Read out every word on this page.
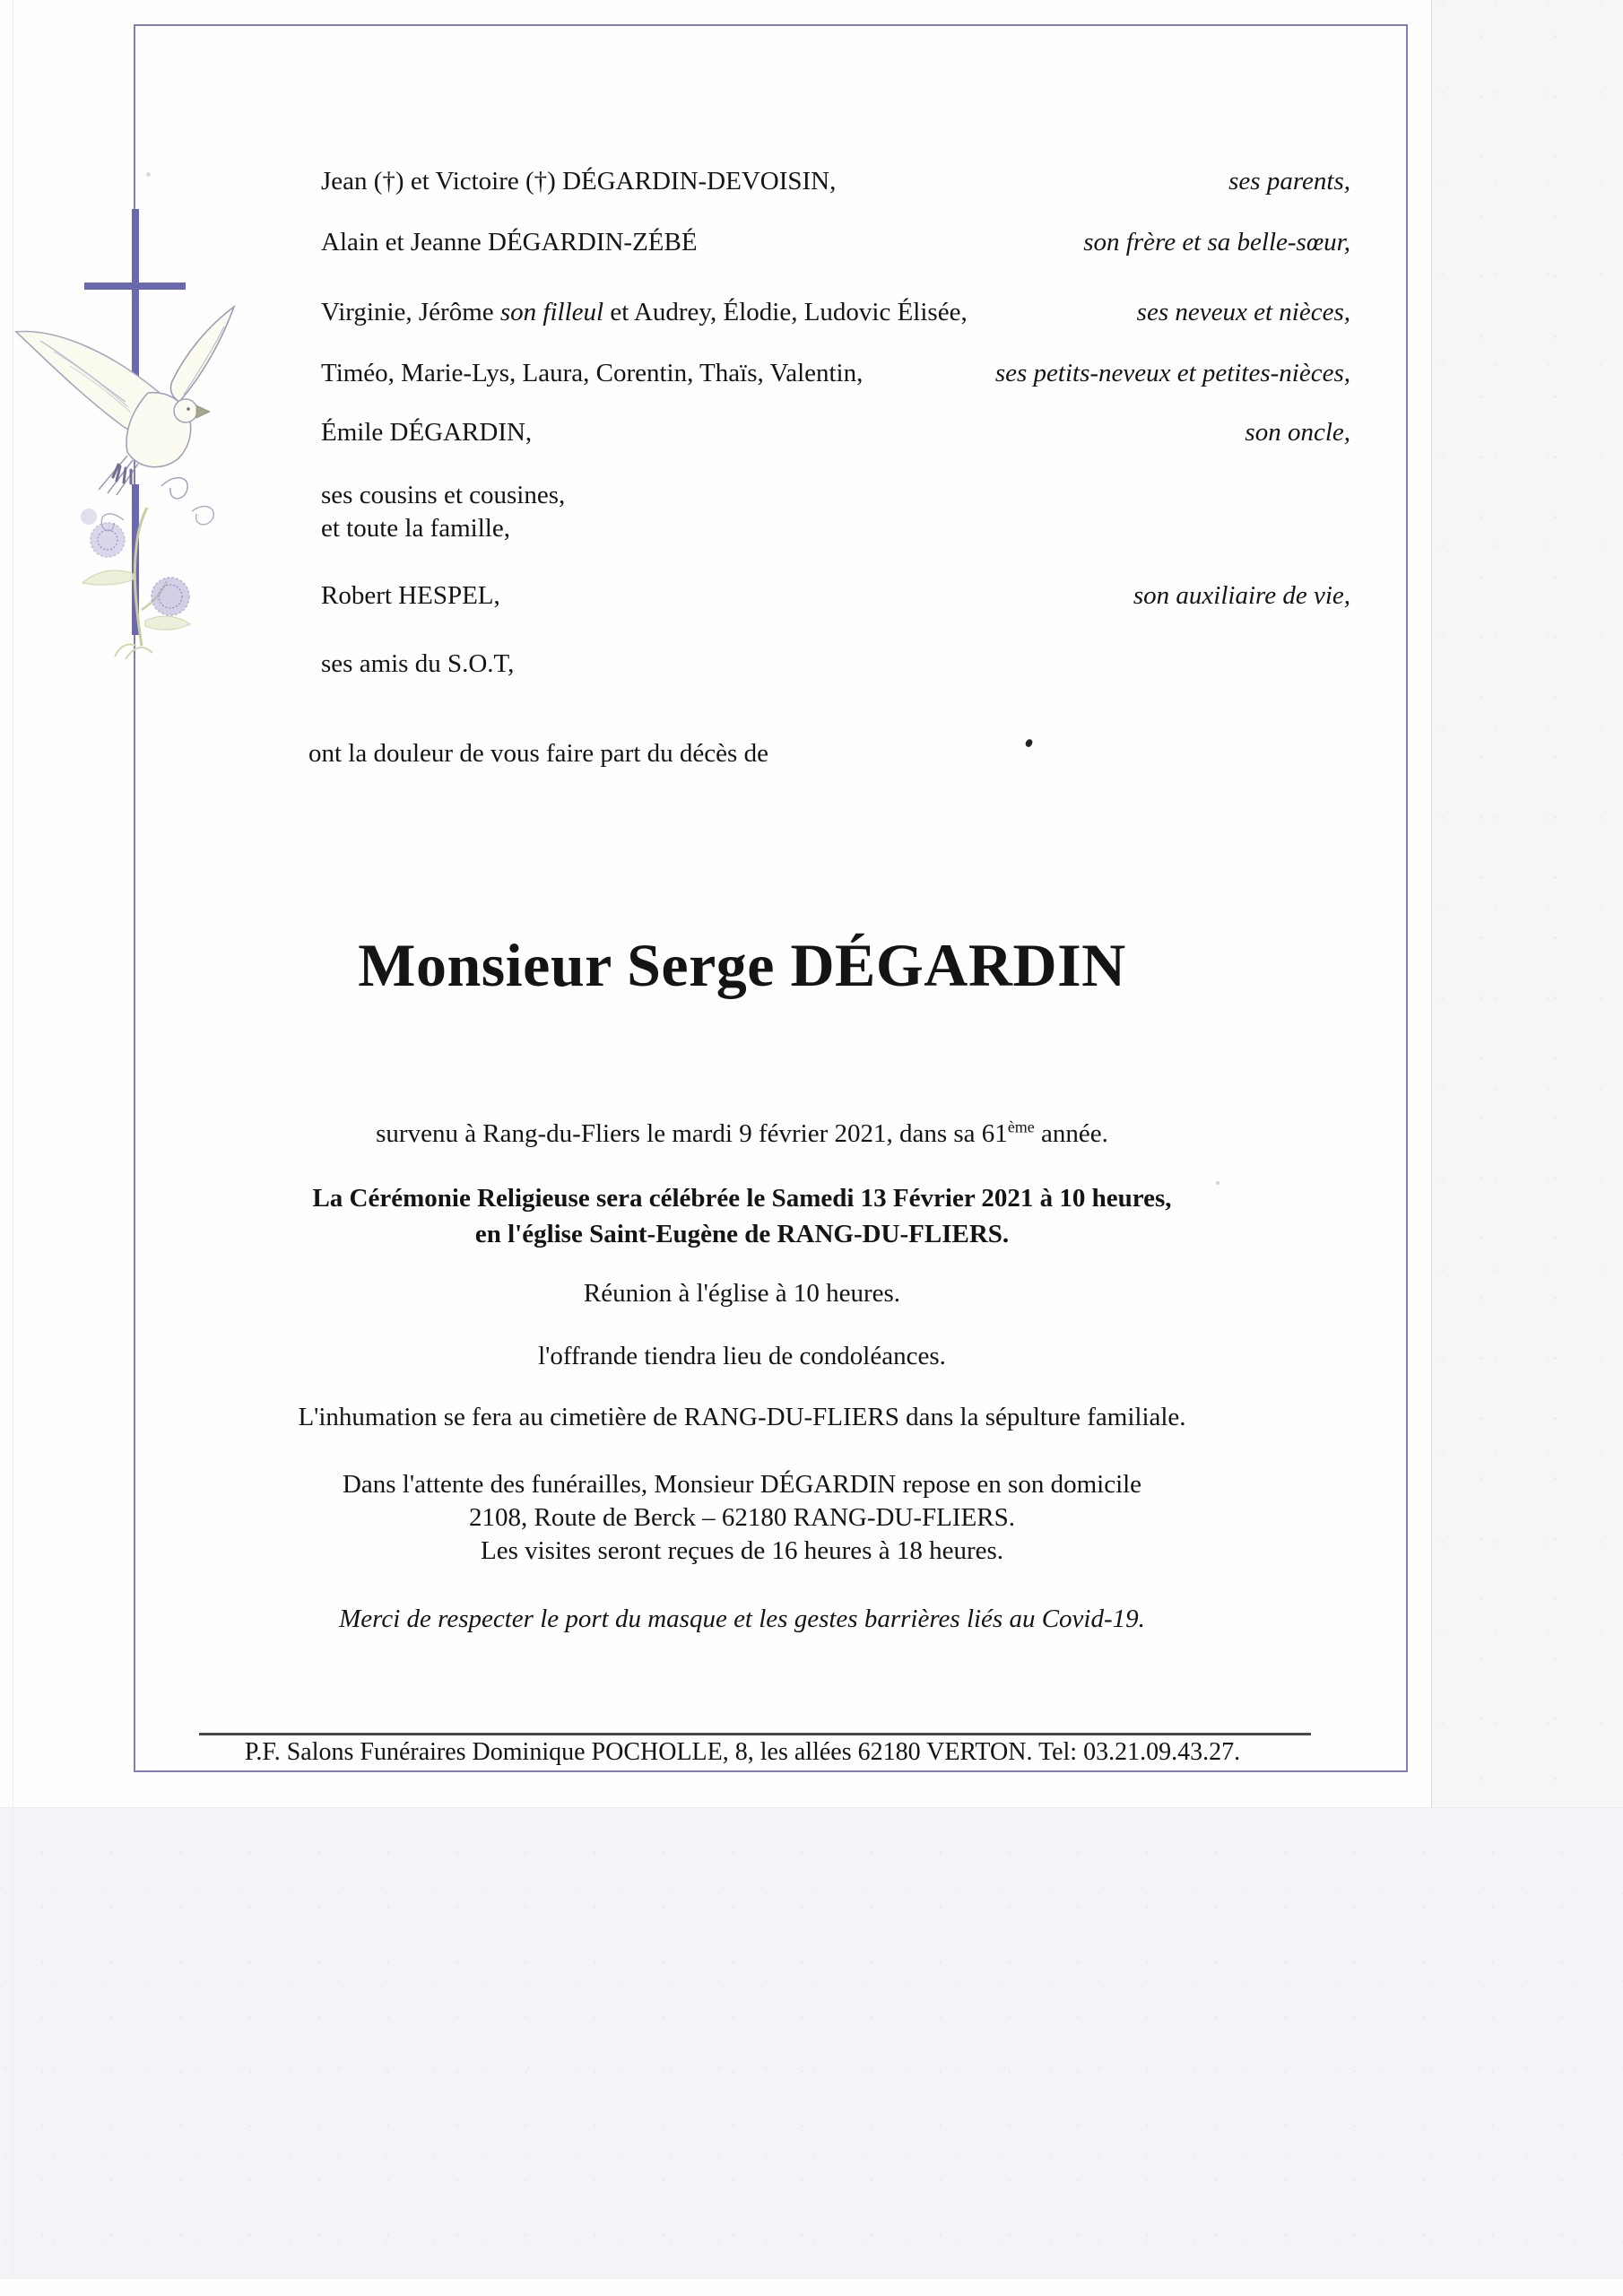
Jean (†) et Victoire (†) DÉGARDIN-DEVOISIN,	ses parents,
Alain et Jeanne DÉGARDIN-ZÉBÉ	son frère et sa belle-sœur,
Virginie, Jérôme son filleul et Audrey, Élodie, Ludovic Élisée,	ses neveux et nièces,
Timéo, Marie-Lys, Laura, Corentin, Thaïs, Valentin,	ses petits-neveux et petites-nièces,
Émile DÉGARDIN,	son oncle,
ses cousins et cousines,
et toute la famille,
Robert HESPEL,	son auxiliaire de vie,
ses amis du S.O.T,
ont la douleur de vous faire part du décès de
Monsieur Serge DÉGARDIN
survenu à Rang-du-Fliers le mardi 9 février 2021, dans sa 61ème année.
La Cérémonie Religieuse sera célébrée le Samedi 13 Février 2021 à 10 heures,
en l'église Saint-Eugène de RANG-DU-FLIERS.
Réunion à l'église à 10 heures.
l'offrande tiendra lieu de condoléances.
L'inhumation se fera au cimetière de RANG-DU-FLIERS dans la sépulture familiale.
Dans l'attente des funérailles, Monsieur DÉGARDIN repose en son domicile
2108, Route de Berck – 62180 RANG-DU-FLIERS.
Les visites seront reçues de 16 heures à 18 heures.
Merci de respecter le port du masque et les gestes barrières liés au Covid-19.
P.F. Salons Funéraires Dominique POCHOLLE, 8, les allées 62180 VERTON. Tel: 03.21.09.43.27.
